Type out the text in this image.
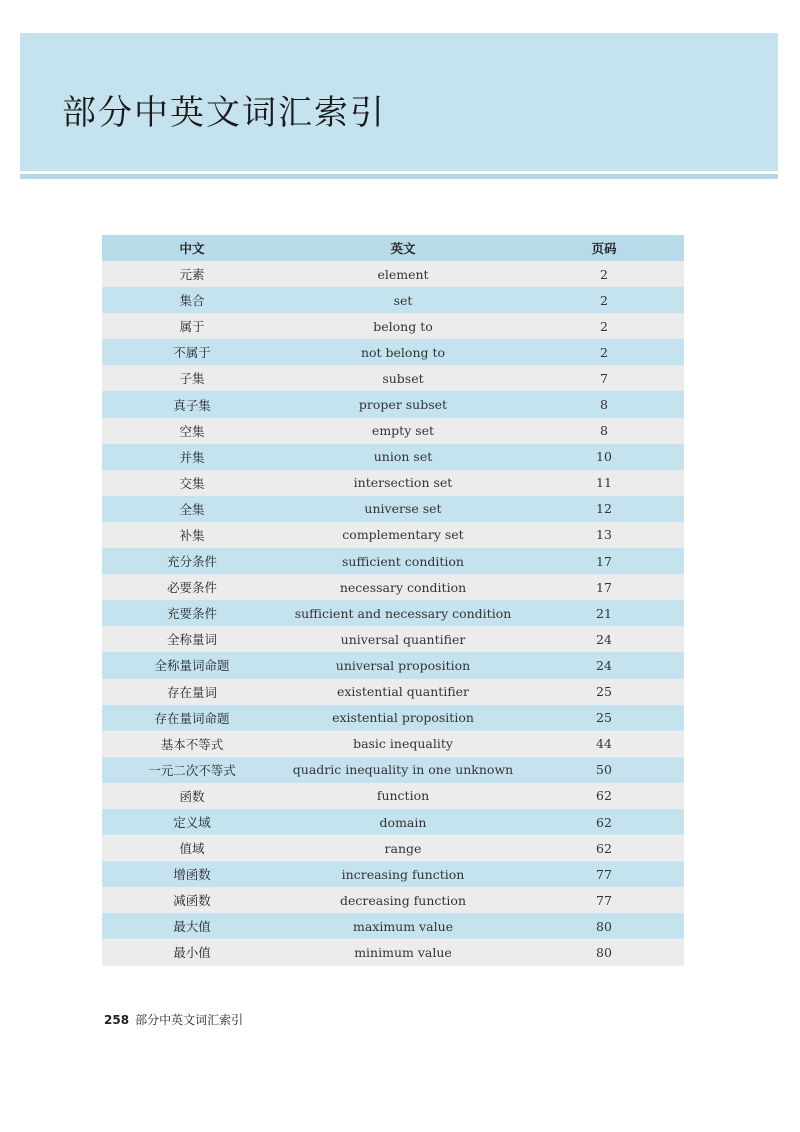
部分中英文词汇索引
中文	英文	页码
元素	element	2
集合	set	2
属于	belong to	2
不属于	not belong to	2
子集	subset	7
真子集	proper subset	8
空集	empty set	8
并集	union set	10
交集	intersection set	11
全集	universe set	12
补集	complementary set	13
充分条件	sufficient condition	17
必要条件	necessary condition	17
充要条件	sufficient and necessary condition	21
全称量词	universal quantifier	24
全称量词命题	universal proposition	24
存在量词	existential quantifier	25
存在量词命题	existential proposition	25
基本不等式	basic inequality	44
一元二次不等式	quadric inequality in one unknown	50
函数	function	62
定义域	domain	62
值域	range	62
增函数	increasing function	77
减函数	decreasing function	77
最大值	maximum value	80
最小值	minimum value	80
258 部分中英文词汇索引
